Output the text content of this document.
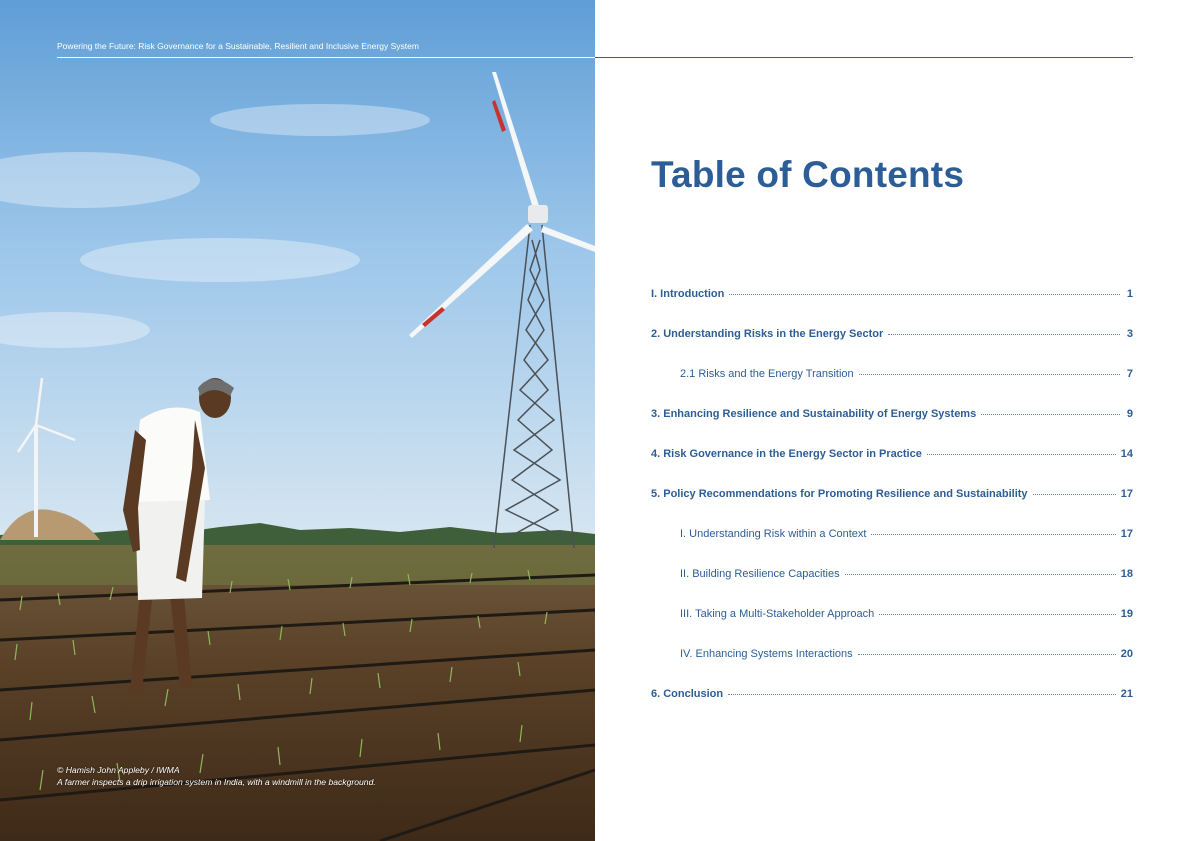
Powering the Future: Risk Governance for a Sustainable, Resilient and Inclusive Energy System
© Hamish John Appleby / IWMA
A farmer inspects a drip irrigation system in India, with a windmill in the background.
Table of Contents
I. Introduction	1
2. Understanding Risks in the Energy Sector	3
2.1 Risks and the Energy Transition	7
3. Enhancing Resilience and Sustainability of Energy Systems	9
4. Risk Governance in the Energy Sector in Practice	14
5. Policy Recommendations for Promoting Resilience and Sustainability	17
I. Understanding Risk within a Context	17
II. Building Resilience Capacities	18
III. Taking a Multi-Stakeholder Approach	19
IV. Enhancing Systems Interactions	20
6. Conclusion	21
